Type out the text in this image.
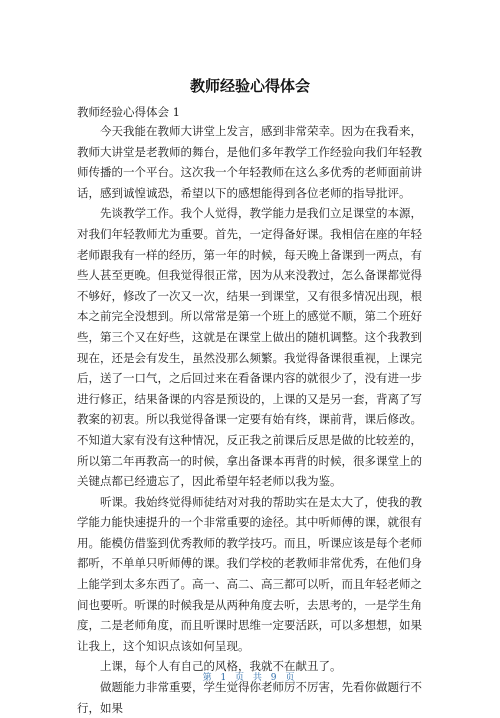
教师经验心得体会
教师经验心得体会 1

今天我能在教师大讲堂上发言，感到非常荣幸。因为在我看来，教师大讲堂是老教师的舞台，是他们多年教学工作经验向我们年轻教师传播的一个平台。这次我一个年轻教师在这么多优秀的老师面前讲话，感到诚惶诚恐，希望以下的感想能得到各位老师的指导批评。

先谈教学工作。我个人觉得，教学能力是我们立足课堂的本源，对我们年轻教师尤为重要。首先，一定得备好课。我相信在座的年轻老师跟我有一样的经历，第一年的时候，每天晚上备课到一两点，有些人甚至更晚。但我觉得很正常，因为从来没教过，怎么备课都觉得不够好，修改了一次又一次，结果一到课堂，又有很多情况出现，根本之前完全没想到。所以常常是第一个班上的感觉不顺，第二个班好些，第三个又在好些，这就是在课堂上做出的随机调整。这个我教到现在，还是会有发生，虽然没那么频繁。我觉得备课很重视，上课完后，送了一口气，之后回过来在看备课内容的就很少了，没有进一步进行修正，结果备课的内容是预设的，上课的又是另一套，背离了写教案的初衷。所以我觉得备课一定要有始有终，课前背，课后修改。不知道大家有没有这种情况，反正我之前课后反思是做的比较差的，所以第二年再教高一的时候，拿出备课本再背的时候，很多课堂上的关键点都已经遗忘了，因此希望年轻老师以我为鉴。

听课。我始终觉得师徒结对对我的帮助实在是太大了，使我的教学能力能快速提升的一个非常重要的途径。其中听师傅的课，就很有用。能模仿借鉴到优秀教师的教学技巧。而且，听课应该是每个老师都听，不单单只听师傅的课。我们学校的老教师非常优秀，在他们身上能学到太多东西了。高一、高二、高三都可以听，而且年轻老师之间也要听。听课的时候我是从两种角度去听，去思考的，一是学生角度，二是老师角度，而且听课时思维一定要活跃，可以多想想，如果让我上，这个知识点该如何呈现。

上课，每个人有自己的风格，我就不在献丑了。

做题能力非常重要，学生觉得你老师厉不厉害，先看你做题行不行，如果

第 1 页 共 9 页
